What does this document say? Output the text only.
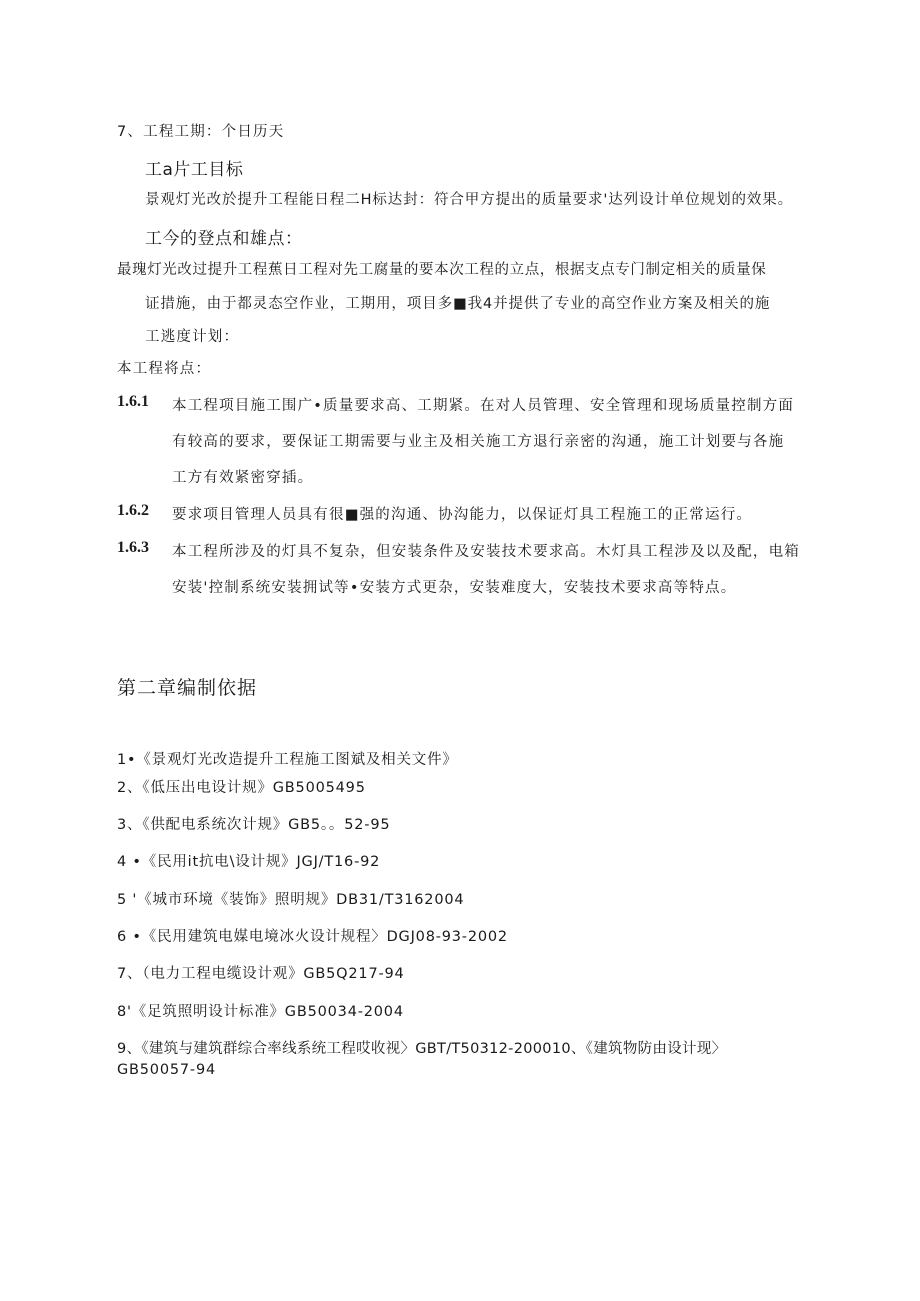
7、工程工期：个日历天
工a片工目标
景观灯光改於提升工程能日程二H标达封：符合甲方提出的质量要求'达列设计单位规划的效果。
工今的登点和雄点：
最瑰灯光改过提升工程蕉日工程对先工腐量的要本次工程的立点，根据支点专门制定相关的质量保
证措施，由于都灵态空作业，工期用，项目多■我4并提供了专业的高空作业方案及相关的施
工逃度计划：
本工程将点：
1.6.1 本工程项目施工围广•质量要求高、工期紧。在对人员管理、安全管理和现场质量控制方面
有较高的要求，要保证工期需要与业主及相关施工方退行亲密的沟通，施工计划要与各施
工方有效紧密穿插。
1.6.2 要求项目管理人员具有很■强的沟通、协沟能力，以保证灯具工程施工的正常运行。
1.6.3 本工程所涉及的灯具不复杂，但安装条件及安装技术要求高。木灯具工程涉及以及配，电箱
安装'控制系统安装拥试等•安装方式更杂，安装难度大，安装技术要求高等特点。
第二章编制依据
1•《景观灯光改造提升工程施工图斌及相关文件》
2、《低压出电设计规》GB5005495
3、《供配电系统次计规》GB5。。52-95
4 •《民用it抗电\设计规》JGJ/T16-92
5 '《城市环境《装饰》照明规》DB31/T3162004
6 •《民用建筑电媒电境冰火设计规程〉DGJ08-93-2002
7、（电力工程电缆设计观》GB5Q217-94
8'《足筑照明设计标准》GB50034-2004
9、《建筑与建筑群综合率线系统工程哎收视〉GBT/T50312-200010、《建筑物防由设计现〉
GB50057-94
